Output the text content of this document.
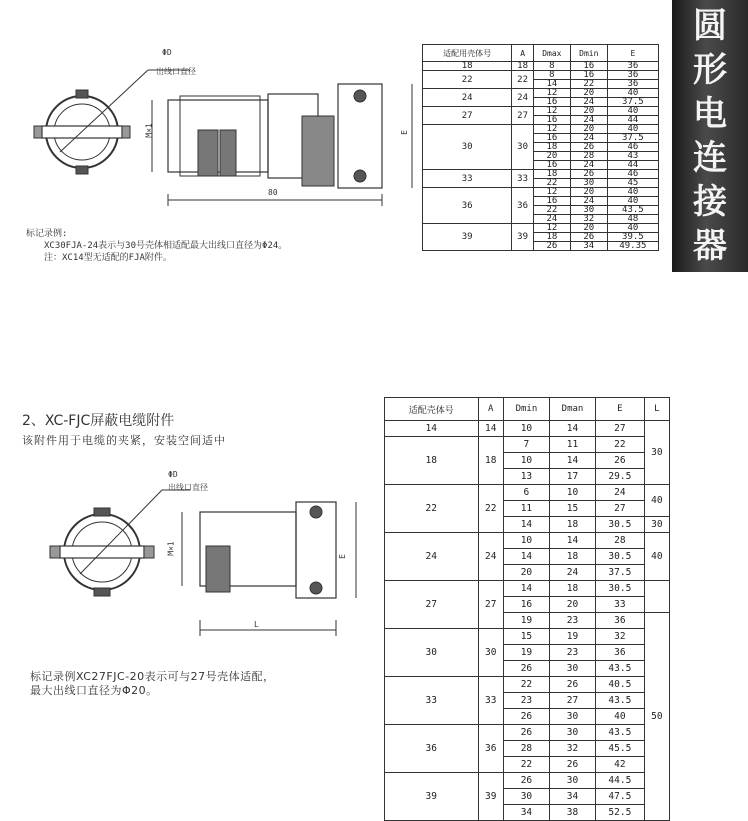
圆
形
电
连
接
器
ΦD
出线口直径
M×1
80
E
标记录例:
XC30FJA-24表示与30号壳体相适配最大出线口直径为Φ24。
注：XC14型无适配的FJA附件。
适配用壳体号	A	Dmax	Dmin	E
18	18	8	16	36
22	22	8	16	36
		14	22	36
24	24	12	20	40
		16	24	37.5
27	27	12	20	40
		16	24	44
30	30	12	20	40
		16	24	37.5
		18	26	46
		20	28	43
		16	24	44
33	33	18	26	46
		22	30	45
36	36	12	20	40
		16	24	40
		22	30	43.5
		24	32	48
39	39	12	20	40
		18	26	39.5
		26	34	49.35
2、XC-FJC屏蔽电缆附件
该附件用于电缆的夹紧，安装空间适中
ΦD
出线口直径
M×1
L
E
标记录例XC27FJC-20表示可与27号壳体适配，
最大出线口直径为Φ20。
适配壳体号	A	Dmin	Dman	E	L
14	14	10	14	27	30
18	18	7	11	22	
		10	14	26	
		13	17	29.5	
22	22	6	10	24	40
		11	15	27	
		14	18	30.5	30
24	24	10	14	28	40
		14	18	30.5	
		20	24	37.5	
27	27	14	18	30.5	
		16	20	33	
		19	23	36	50
30	30	15	19	32	
		19	23	36	
		26	30	43.5	
33	33	22	26	40.5	
		23	27	43.5	
		26	30	40	
36	36	26	30	43.5	
		28	32	45.5	
		22	26	42	
39	39	26	30	44.5	
		30	34	47.5	
		34	38	52.5	
